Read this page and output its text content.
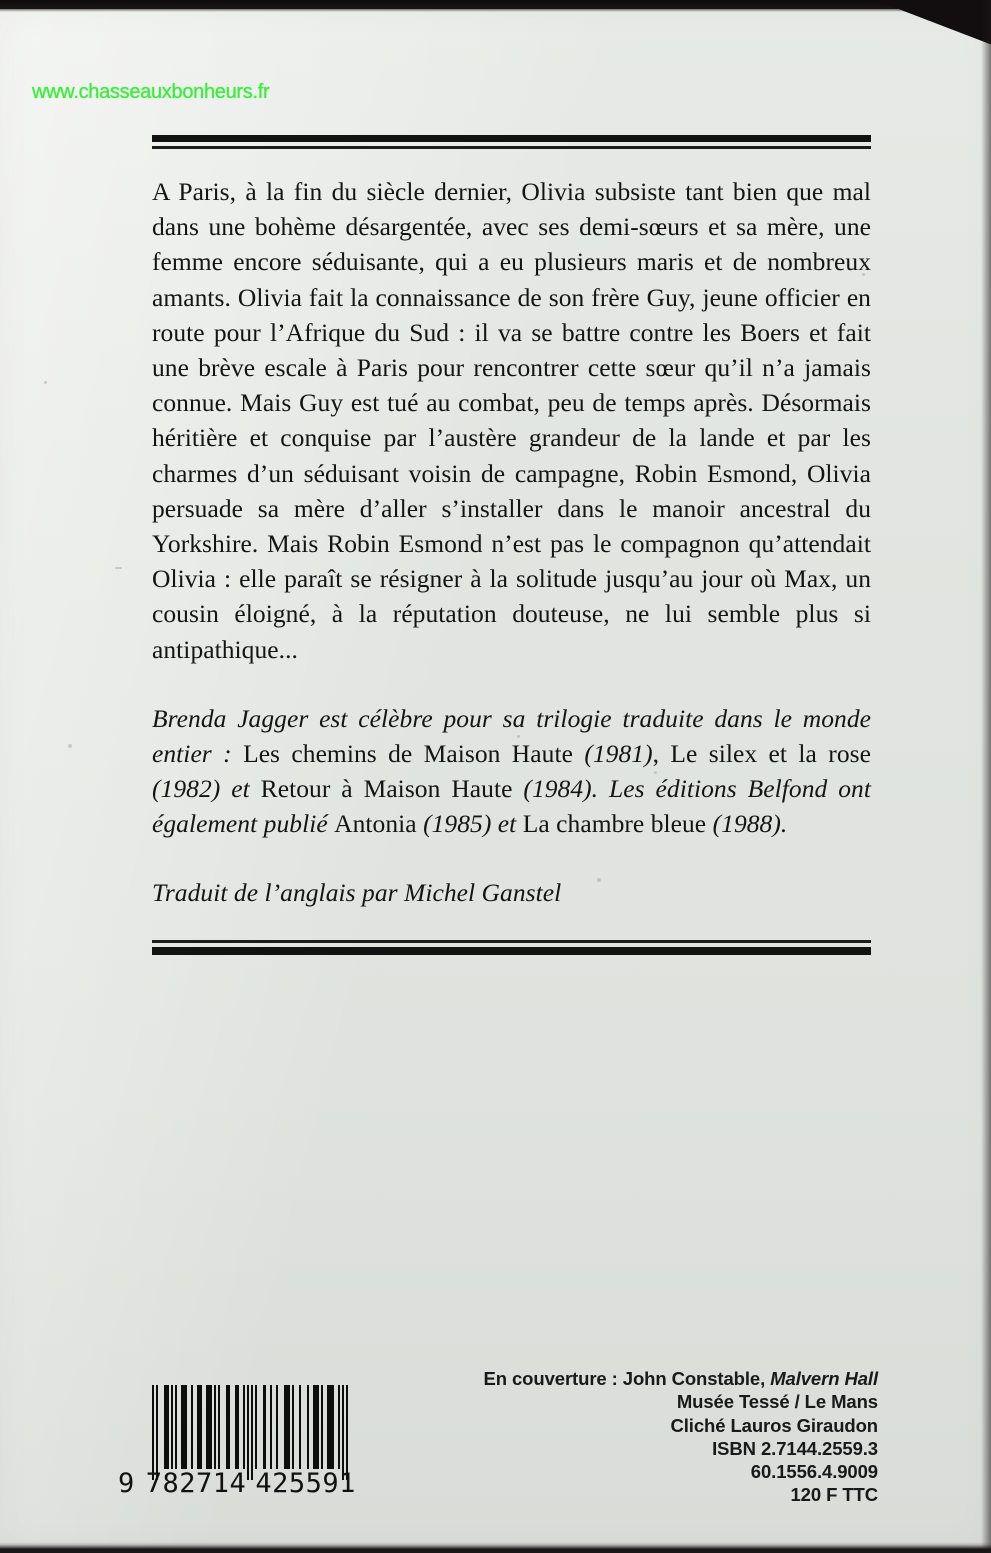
www.chasseauxbonheurs.fr

A Paris, à la fin du siècle dernier, Olivia subsiste tant bien que mal dans une bohème désargentée, avec ses demi-sœurs et sa mère, une femme encore séduisante, qui a eu plusieurs maris et de nombreux amants. Olivia fait la connaissance de son frère Guy, jeune officier en route pour l’Afrique du Sud : il va se battre contre les Boers et fait une brève escale à Paris pour rencontrer cette sœur qu’il n’a jamais connue. Mais Guy est tué au combat, peu de temps après. Désormais héritière et conquise par l’austère grandeur de la lande et par les charmes d’un séduisant voisin de campagne, Robin Esmond, Olivia persuade sa mère d’aller s’installer dans le manoir ancestral du Yorkshire. Mais Robin Esmond n’est pas le compagnon qu’attendait Olivia : elle paraît se résigner à la solitude jusqu’au jour où Max, un cousin éloigné, à la réputation douteuse, ne lui semble plus si antipathique...

Brenda Jagger est célèbre pour sa trilogie traduite dans le monde entier : Les chemins de Maison Haute (1981), Le silex et la rose (1982) et Retour à Maison Haute (1984). Les éditions Belfond ont également publié Antonia (1985) et La chambre bleue (1988).

Traduit de l’anglais par Michel Ganstel

En couverture : John Constable, Malvern Hall
Musée Tessé / Le Mans
Cliché Lauros Giraudon
ISBN 2.7144.2559.3
60.1556.4.9009
120 F TTC
9 782714 425591
